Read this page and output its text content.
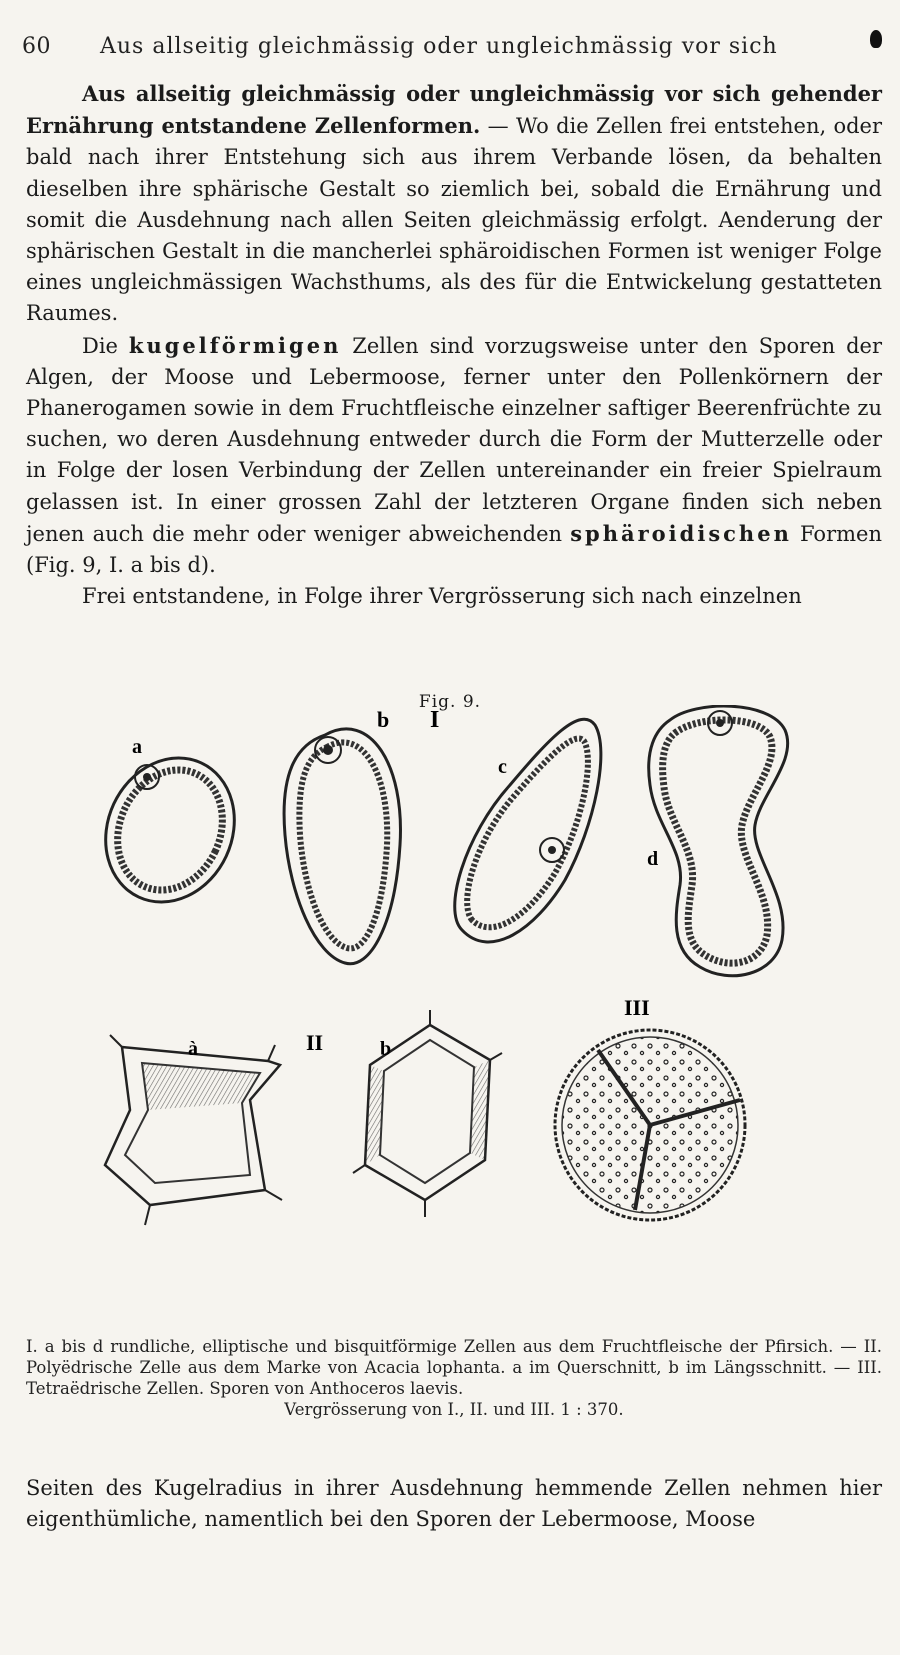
60 Aus allseitig gleichmässig oder ungleichmässig vor sich

Aus allseitig gleichmässig oder ungleichmässig vor sich gehender Ernährung entstandene Zellenformen. — Wo die Zellen frei entstehen, oder bald nach ihrer Entstehung sich aus ihrem Verbande lösen, da behalten dieselben ihre sphärische Gestalt so ziemlich bei, sobald die Ernährung und somit die Ausdehnung nach allen Seiten gleichmässig erfolgt. Aenderung der sphärischen Gestalt in die mancherlei sphäroidischen Formen ist weniger Folge eines ungleichmässigen Wachsthums, als des für die Entwickelung gestatteten Raumes.

Die kugelförmigen Zellen sind vorzugsweise unter den Sporen der Algen, der Moose und Lebermoose, ferner unter den Pollenkörnern der Phanerogamen sowie in dem Fruchtfleische einzelner saftiger Beerenfrüchte zu suchen, wo deren Ausdehnung entweder durch die Form der Mutterzelle oder in Folge der losen Verbindung der Zellen untereinander ein freier Spielraum gelassen ist. In einer grossen Zahl der letzteren Organe finden sich neben jenen auch die mehr oder weniger abweichenden sphäroidischen Formen (Fig. 9, I. a bis d).

Frei entstandene, in Folge ihrer Vergrösserung sich nach einzelnen

Fig. 9.
a
b I
c
d
II
à	b
III
I. a bis d rundliche, elliptische und bisquitförmige Zellen aus dem Fruchtfleische der Pfirsich. — II. Polyëdrische Zelle aus dem Marke von Acacia lophanta. a im Querschnitt, b im Längsschnitt. — III. Tetraëdrische Zellen. Sporen von Anthoceros laevis.
Vergrösserung von I., II. und III. 1 : 370.

Seiten des Kugelradius in ihrer Ausdehnung hemmende Zellen nehmen hier eigenthümliche, namentlich bei den Sporen der Lebermoose, Moose
